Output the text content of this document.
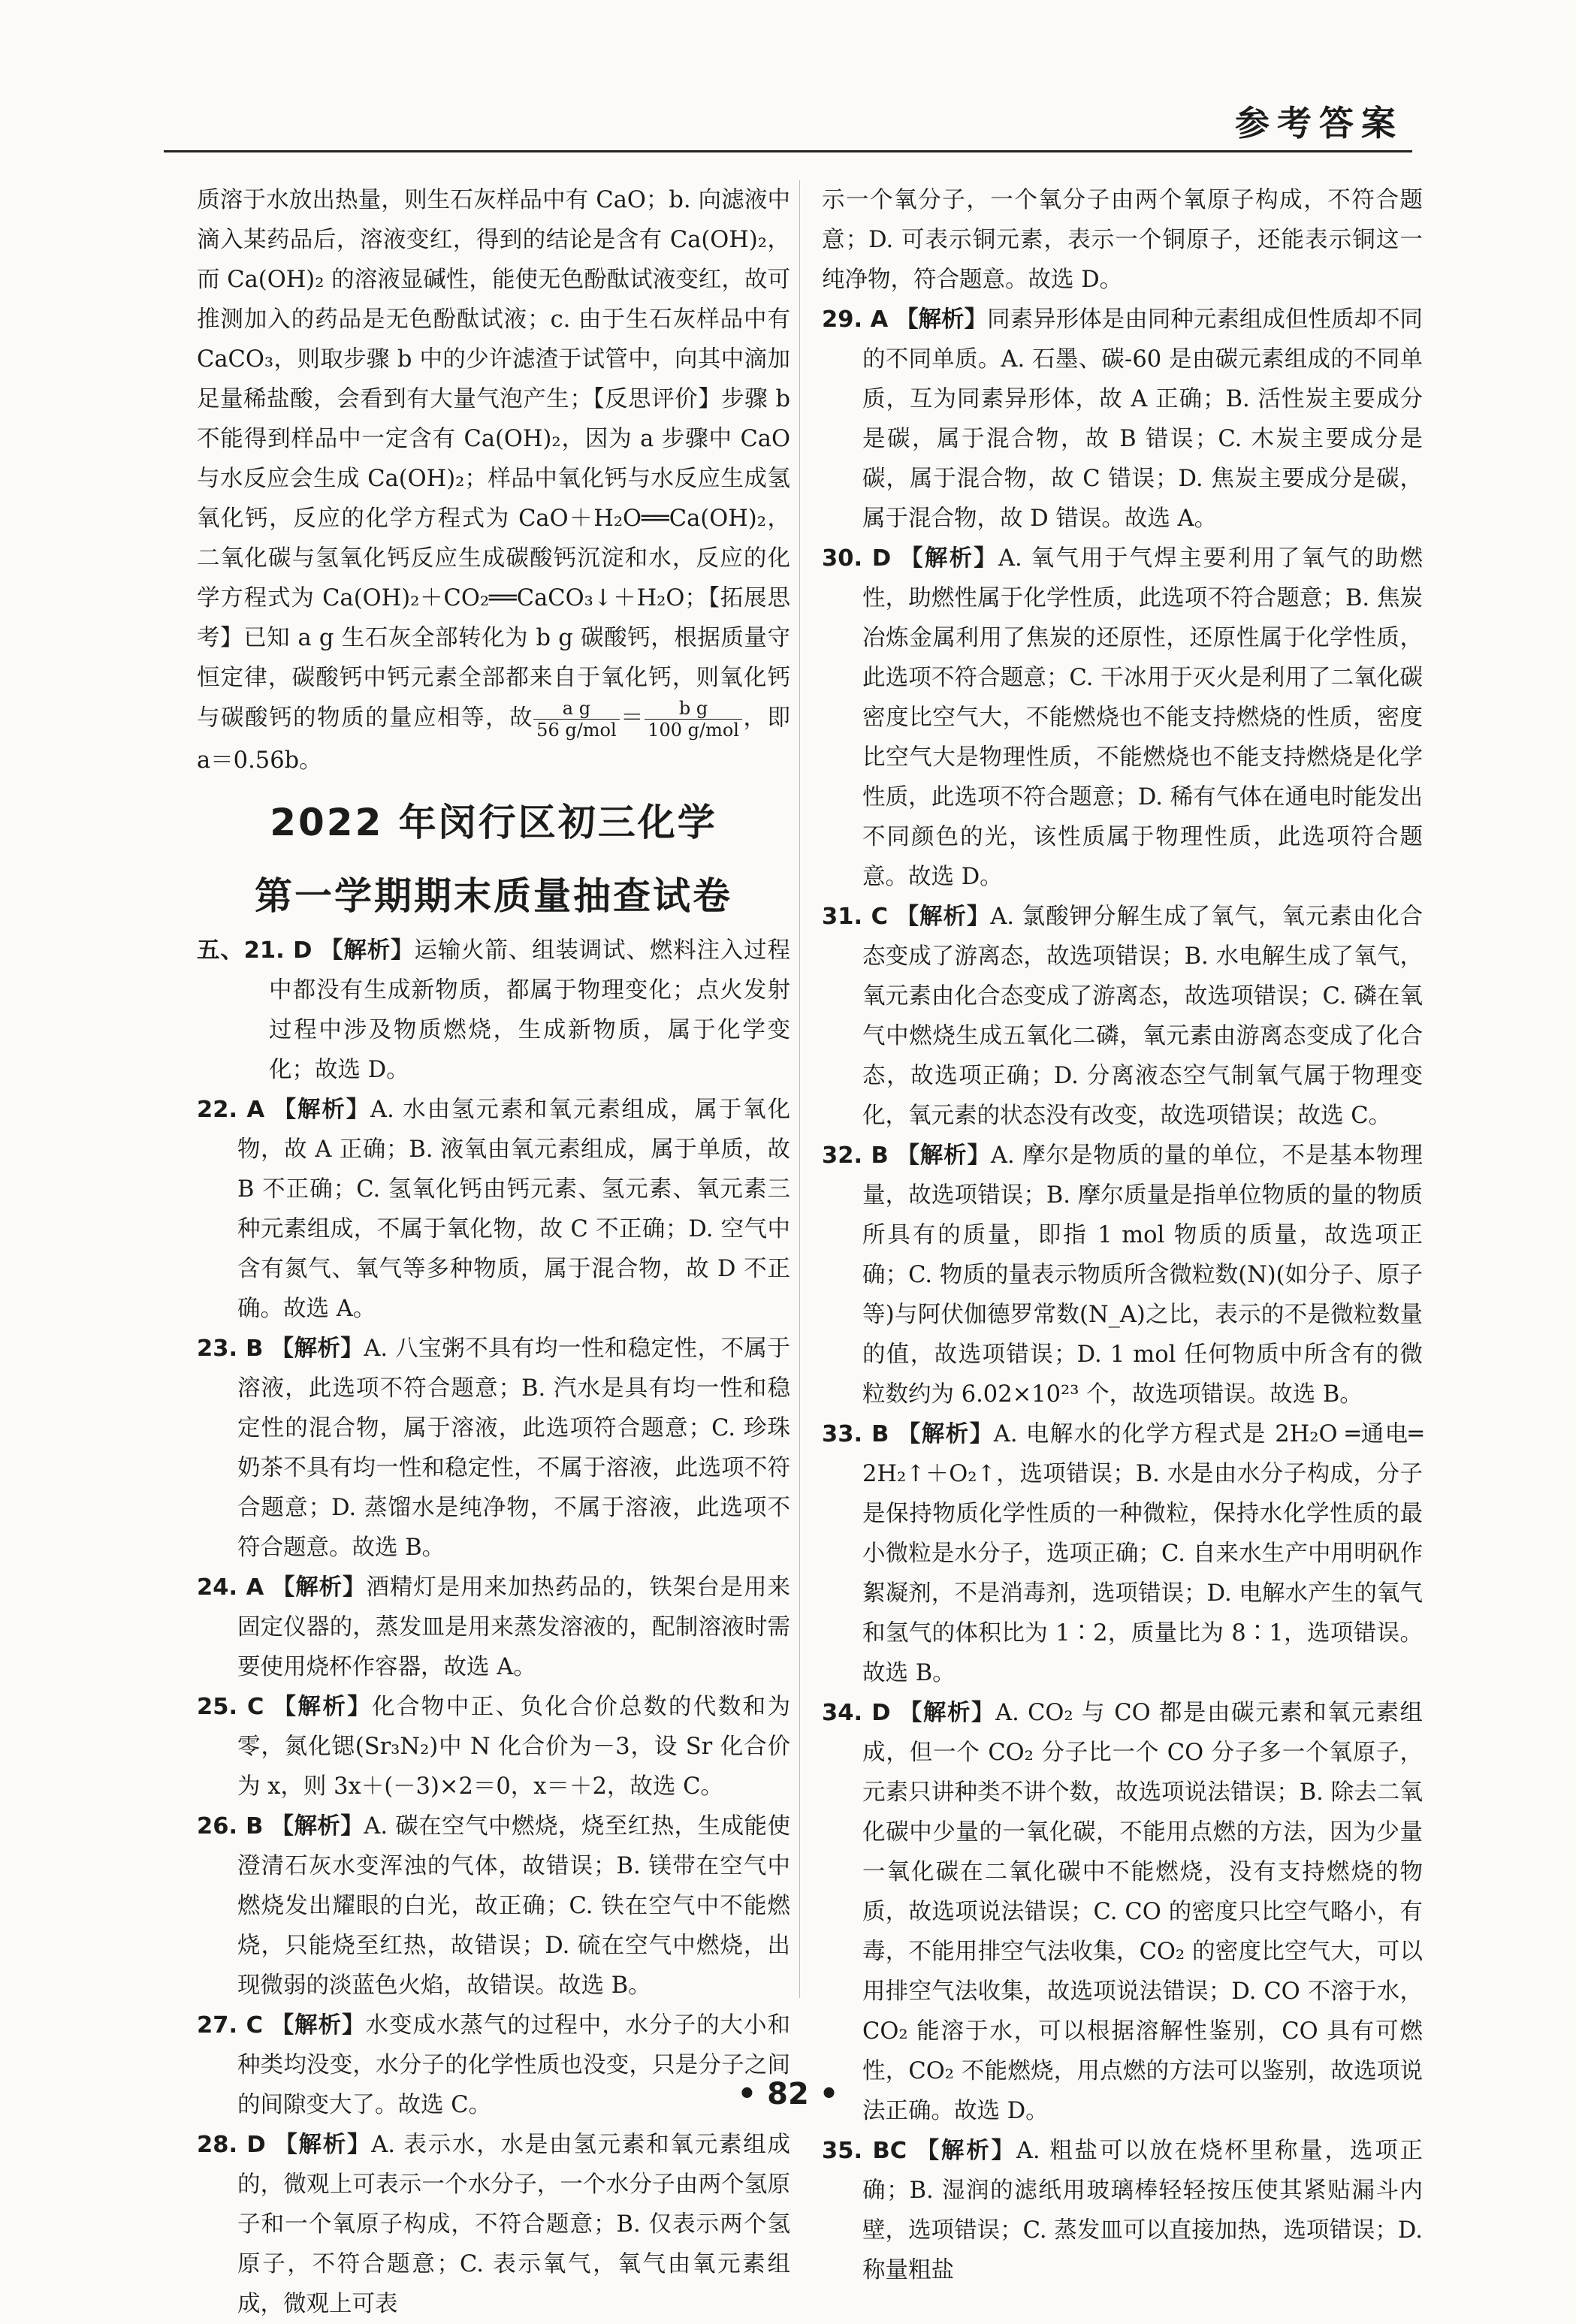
参考答案

质溶于水放出热量，则生石灰样品中有 CaO；b. 向滤液中滴入某药品后，溶液变红，得到的结论是含有 Ca(OH)₂，而 Ca(OH)₂ 的溶液显碱性，能使无色酚酞试液变红，故可推测加入的药品是无色酚酞试液；c. 由于生石灰样品中有 CaCO₃，则取步骤 b 中的少许滤渣于试管中，向其中滴加足量稀盐酸，会看到有大量气泡产生；【反思评价】步骤 b 不能得到样品中一定含有 Ca(OH)₂，因为 a 步骤中 CaO 与水反应会生成 Ca(OH)₂；样品中氧化钙与水反应生成氢氧化钙，反应的化学方程式为 CaO＋H₂O══Ca(OH)₂，二氧化碳与氢氧化钙反应生成碳酸钙沉淀和水，反应的化学方程式为 Ca(OH)₂＋CO₂══CaCO₃↓＋H₂O；【拓展思考】已知 a g 生石灰全部转化为 b g 碳酸钙，根据质量守恒定律，碳酸钙中钙元素全部都来自于氧化钙，则氧化钙与碳酸钙的物质的量应相等，故 $\frac{\text{a g}}{\text{56 g/mol}} = \frac{\text{b g}}{\text{100 g/mol}}$ ，即 a＝0.56b。

2022 年闵行区初三化学
第一学期期末质量抽查试卷

五、21. D 【解析】运输火箭、组装调试、燃料注入过程中都没有生成新物质，都属于物理变化；点火发射过程中涉及物质燃烧，生成新物质，属于化学变化；故选 D。

22. A 【解析】A. 水由氢元素和氧元素组成，属于氧化物，故 A 正确；B. 液氧由氧元素组成，属于单质，故 B 不正确；C. 氢氧化钙由钙元素、氢元素、氧元素三种元素组成，不属于氧化物，故 C 不正确；D. 空气中含有氮气、氧气等多种物质，属于混合物，故 D 不正确。故选 A。

23. B 【解析】A. 八宝粥不具有均一性和稳定性，不属于溶液，此选项不符合题意；B. 汽水是具有均一性和稳定性的混合物，属于溶液，此选项符合题意；C. 珍珠奶茶不具有均一性和稳定性，不属于溶液，此选项不符合题意；D. 蒸馏水是纯净物，不属于溶液，此选项不符合题意。故选 B。

24. A 【解析】酒精灯是用来加热药品的，铁架台是用来固定仪器的，蒸发皿是用来蒸发溶液的，配制溶液时需要使用烧杯作容器，故选 A。

25. C 【解析】化合物中正、负化合价总数的代数和为零，氮化锶(Sr₃N₂)中 N 化合价为－3，设 Sr 化合价为 x，则 3x＋(－3)×2＝0，x＝＋2，故选 C。

26. B 【解析】A. 碳在空气中燃烧，烧至红热，生成能使澄清石灰水变浑浊的气体，故错误；B. 镁带在空气中燃烧发出耀眼的白光，故正确；C. 铁在空气中不能燃烧，只能烧至红热，故错误；D. 硫在空气中燃烧，出现微弱的淡蓝色火焰，故错误。故选 B。

27. C 【解析】水变成水蒸气的过程中，水分子的大小和种类均没变，水分子的化学性质也没变，只是分子之间的间隙变大了。故选 C。

28. D 【解析】A. 表示水，水是由氢元素和氧元素组成的，微观上可表示一个水分子，一个水分子由两个氢原子和一个氧原子构成，不符合题意；B. 仅表示两个氢原子，不符合题意；C. 表示氧气，氧气由氧元素组成，微观上可表

示一个氧分子，一个氧分子由两个氧原子构成，不符合题意；D. 可表示铜元素，表示一个铜原子，还能表示铜这一纯净物，符合题意。故选 D。

29. A 【解析】同素异形体是由同种元素组成但性质却不同的不同单质。A. 石墨、碳-60 是由碳元素组成的不同单质，互为同素异形体，故 A 正确；B. 活性炭主要成分是碳，属于混合物，故 B 错误；C. 木炭主要成分是碳，属于混合物，故 C 错误；D. 焦炭主要成分是碳，属于混合物，故 D 错误。故选 A。

30. D 【解析】A. 氧气用于气焊主要利用了氧气的助燃性，助燃性属于化学性质，此选项不符合题意；B. 焦炭冶炼金属利用了焦炭的还原性，还原性属于化学性质，此选项不符合题意；C. 干冰用于灭火是利用了二氧化碳密度比空气大，不能燃烧也不能支持燃烧的性质，密度比空气大是物理性质，不能燃烧也不能支持燃烧是化学性质，此选项不符合题意；D. 稀有气体在通电时能发出不同颜色的光，该性质属于物理性质，此选项符合题意。故选 D。

31. C 【解析】A. 氯酸钾分解生成了氧气，氧元素由化合态变成了游离态，故选项错误；B. 水电解生成了氧气，氧元素由化合态变成了游离态，故选项错误；C. 磷在氧气中燃烧生成五氧化二磷，氧元素由游离态变成了化合态，故选项正确；D. 分离液态空气制氧气属于物理变化，氧元素的状态没有改变，故选项错误；故选 C。

32. B 【解析】A. 摩尔是物质的量的单位，不是基本物理量，故选项错误；B. 摩尔质量是指单位物质的量的物质所具有的质量，即指 1 mol 物质的质量，故选项正确；C. 物质的量表示物质所含微粒数(N)(如分子、原子等)与阿伏伽德罗常数(N_A)之比，表示的不是微粒数量的值，故选项错误；D. 1 mol 任何物质中所含有的微粒数约为 6.02×10²³ 个，故选项错误。故选 B。

33. B 【解析】A. 电解水的化学方程式是 2H₂O ═通电═ 2H₂↑＋O₂↑，选项错误；B. 水是由水分子构成，分子是保持物质化学性质的一种微粒，保持水化学性质的最小微粒是水分子，选项正确；C. 自来水生产中用明矾作絮凝剂，不是消毒剂，选项错误；D. 电解水产生的氧气和氢气的体积比为 1∶2，质量比为 8∶1，选项错误。故选 B。

34. D 【解析】A. CO₂ 与 CO 都是由碳元素和氧元素组成，但一个 CO₂ 分子比一个 CO 分子多一个氧原子，元素只讲种类不讲个数，故选项说法错误；B. 除去二氧化碳中少量的一氧化碳，不能用点燃的方法，因为少量一氧化碳在二氧化碳中不能燃烧，没有支持燃烧的物质，故选项说法错误；C. CO 的密度只比空气略小，有毒，不能用排空气法收集，CO₂ 的密度比空气大，可以用排空气法收集，故选项说法错误；D. CO 不溶于水，CO₂ 能溶于水，可以根据溶解性鉴别，CO 具有可燃性，CO₂ 不能燃烧，用点燃的方法可以鉴别，故选项说法正确。故选 D。

35. BC 【解析】A. 粗盐可以放在烧杯里称量，选项正确；B. 湿润的滤纸用玻璃棒轻轻按压使其紧贴漏斗内壁，选项错误；C. 蒸发皿可以直接加热，选项错误；D. 称量粗盐

• 82 •
